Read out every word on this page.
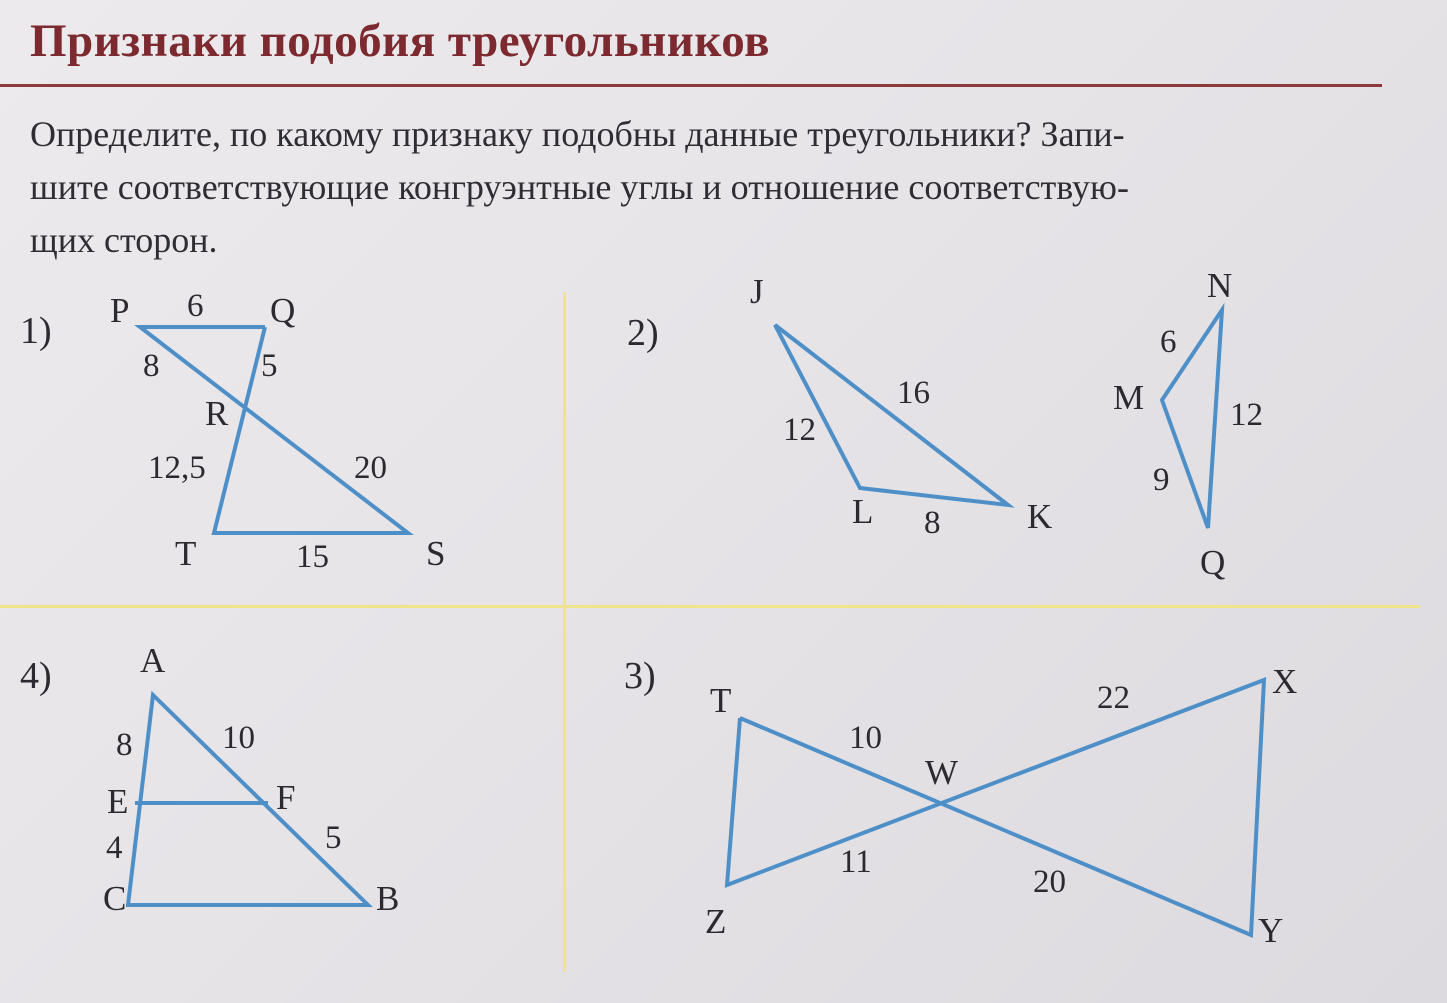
Признаки подобия треугольников
Определите, по какому признаку подобны данные треугольники? Запи-
шите соответствующие конгруэнтные углы и отношение соответствую-
щих сторон.
1) P	Q
R
T	S
6
8	5
12,5	20
15
2)
J
L	K
12
16
8
N
M
Q
6
12
9
4)	A
E	F
C	B
8	10
4	5
3)
T
Z
W
X
Y
10
11
22
20
